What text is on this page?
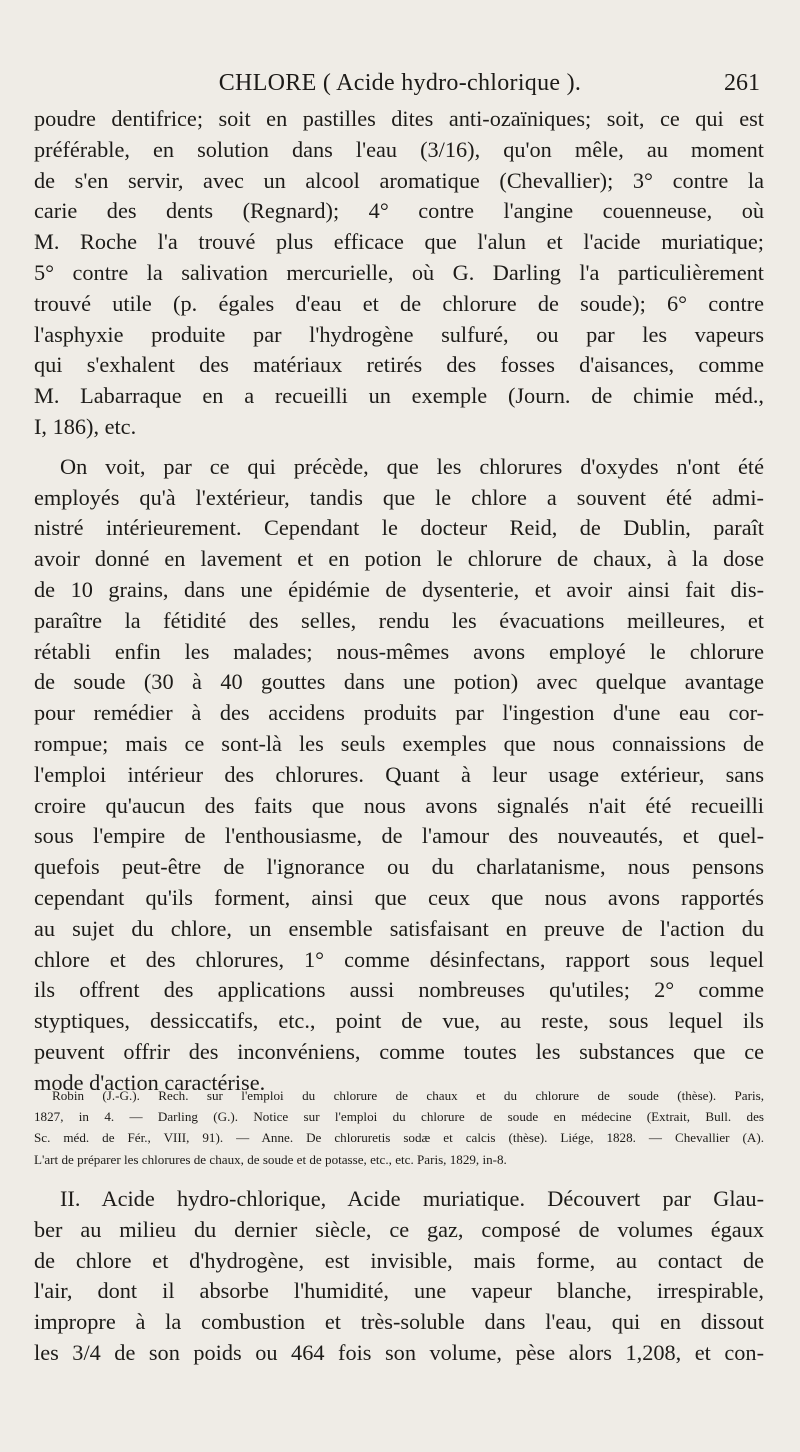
CHLORE ( Acide hydro-chlorique ).	261
poudre dentifrice; soit en pastilles dites anti-ozaïniques; soit, ce qui est
préférable, en solution dans l'eau (3/16), qu'on mêle, au moment
de s'en servir, avec un alcool aromatique (Chevallier); 3° contre la
carie des dents (Regnard); 4° contre l'angine couenneuse, où
M. Roche l'a trouvé plus efficace que l'alun et l'acide muriatique;
5° contre la salivation mercurielle, où G. Darling l'a particulièrement
trouvé utile (p. égales d'eau et de chlorure de soude); 6° contre
l'asphyxie produite par l'hydrogène sulfuré, ou par les vapeurs
qui s'exhalent des matériaux retirés des fosses d'aisances, comme
M. Labarraque en a recueilli un exemple (Journ. de chimie méd.,
I, 186), etc.
On voit, par ce qui précède, que les chlorures d'oxydes n'ont été
employés qu'à l'extérieur, tandis que le chlore a souvent été admi-
nistré intérieurement. Cependant le docteur Reid, de Dublin, paraît
avoir donné en lavement et en potion le chlorure de chaux, à la dose
de 10 grains, dans une épidémie de dysenterie, et avoir ainsi fait dis-
paraître la fétidité des selles, rendu les évacuations meilleures, et
rétabli enfin les malades; nous-mêmes avons employé le chlorure
de soude (30 à 40 gouttes dans une potion) avec quelque avantage
pour remédier à des accidens produits par l'ingestion d'une eau cor-
rompue; mais ce sont-là les seuls exemples que nous connaissions de
l'emploi intérieur des chlorures. Quant à leur usage extérieur, sans
croire qu'aucun des faits que nous avons signalés n'ait été recueilli
sous l'empire de l'enthousiasme, de l'amour des nouveautés, et quel-
quefois peut-être de l'ignorance ou du charlatanisme, nous pensons
cependant qu'ils forment, ainsi que ceux que nous avons rapportés
au sujet du chlore, un ensemble satisfaisant en preuve de l'action du
chlore et des chlorures, 1° comme désinfectans, rapport sous lequel
ils offrent des applications aussi nombreuses qu'utiles; 2° comme
styptiques, dessiccatifs, etc., point de vue, au reste, sous lequel ils
peuvent offrir des inconvéniens, comme toutes les substances que ce
mode d'action caractérise.
Robin (J.-G.). Rech. sur l'emploi du chlorure de chaux et du chlorure de soude (thèse). Paris,
1827, in 4. — Darling (G.). Notice sur l'emploi du chlorure de soude en médecine (Extrait, Bull. des
Sc. méd. de Fér., VIII, 91). — Anne. De chloruretis sodæ et calcis (thèse). Liége, 1828. — Chevallier (A).
L'art de préparer les chlorures de chaux, de soude et de potasse, etc., etc. Paris, 1829, in-8.
II. Acide hydro-chlorique, Acide muriatique. Découvert par Glau-
ber au milieu du dernier siècle, ce gaz, composé de volumes égaux
de chlore et d'hydrogène, est invisible, mais forme, au contact de
l'air, dont il absorbe l'humidité, une vapeur blanche, irrespirable,
impropre à la combustion et très-soluble dans l'eau, qui en dissout
les 3/4 de son poids ou 464 fois son volume, pèse alors 1,208, et con-
